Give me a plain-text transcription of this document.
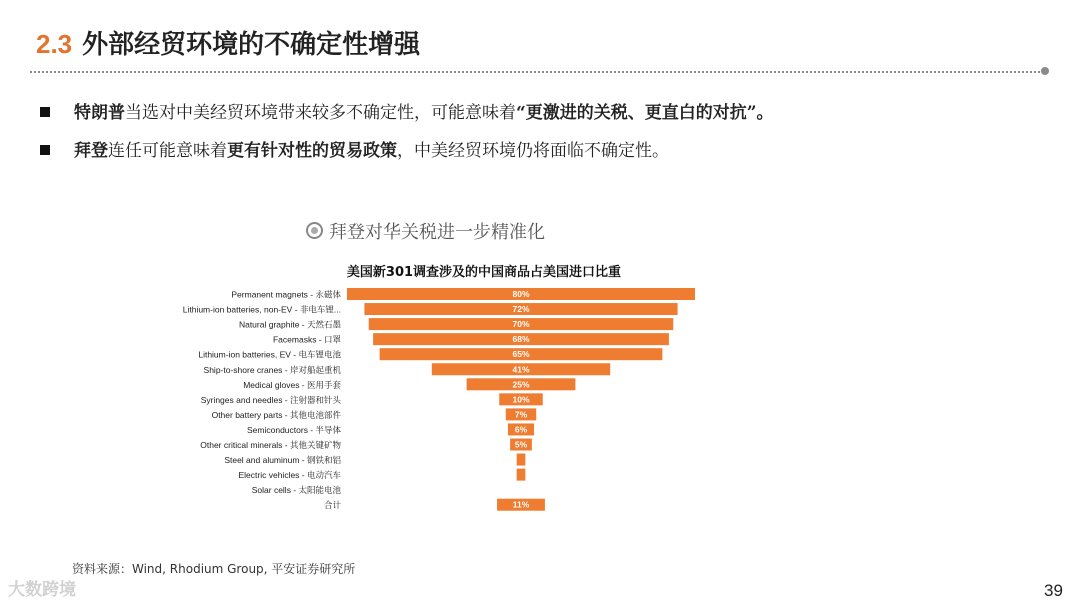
2.3 外部经贸环境的不确定性增强
特朗普当选对中美经贸环境带来较多不确定性，可能意味着“更激进的关税、更直白的对抗”。
拜登连任可能意味着更有针对性的贸易政策，中美经贸环境仍将面临不确定性。
拜登对华关税进一步精准化
美国新301调查涉及的中国商品占美国进口比重
Permanent magnets - 永磁体	80%
Lithium-ion batteries, non-EV - 非电车锂...	72%
Natural graphite - 天然石墨	70%
Facemasks - 口罩	68%
Lithium-ion batteries, EV - 电车锂电池	65%
Ship-to-shore cranes - 岸对船起重机	41%
Medical gloves - 医用手套	25%
Syringes and needles - 注射器和针头	10%
Other battery parts - 其他电池部件	7%
Semiconductors - 半导体	6%
Other critical minerals - 其他关键矿物	5%
Steel and aluminum - 钢铁和铝
Electric vehicles - 电动汽车
Solar cells - 太阳能电池
合计	11%
资料来源：Wind, Rhodium Group, 平安证券研究所
大数跨境	39
